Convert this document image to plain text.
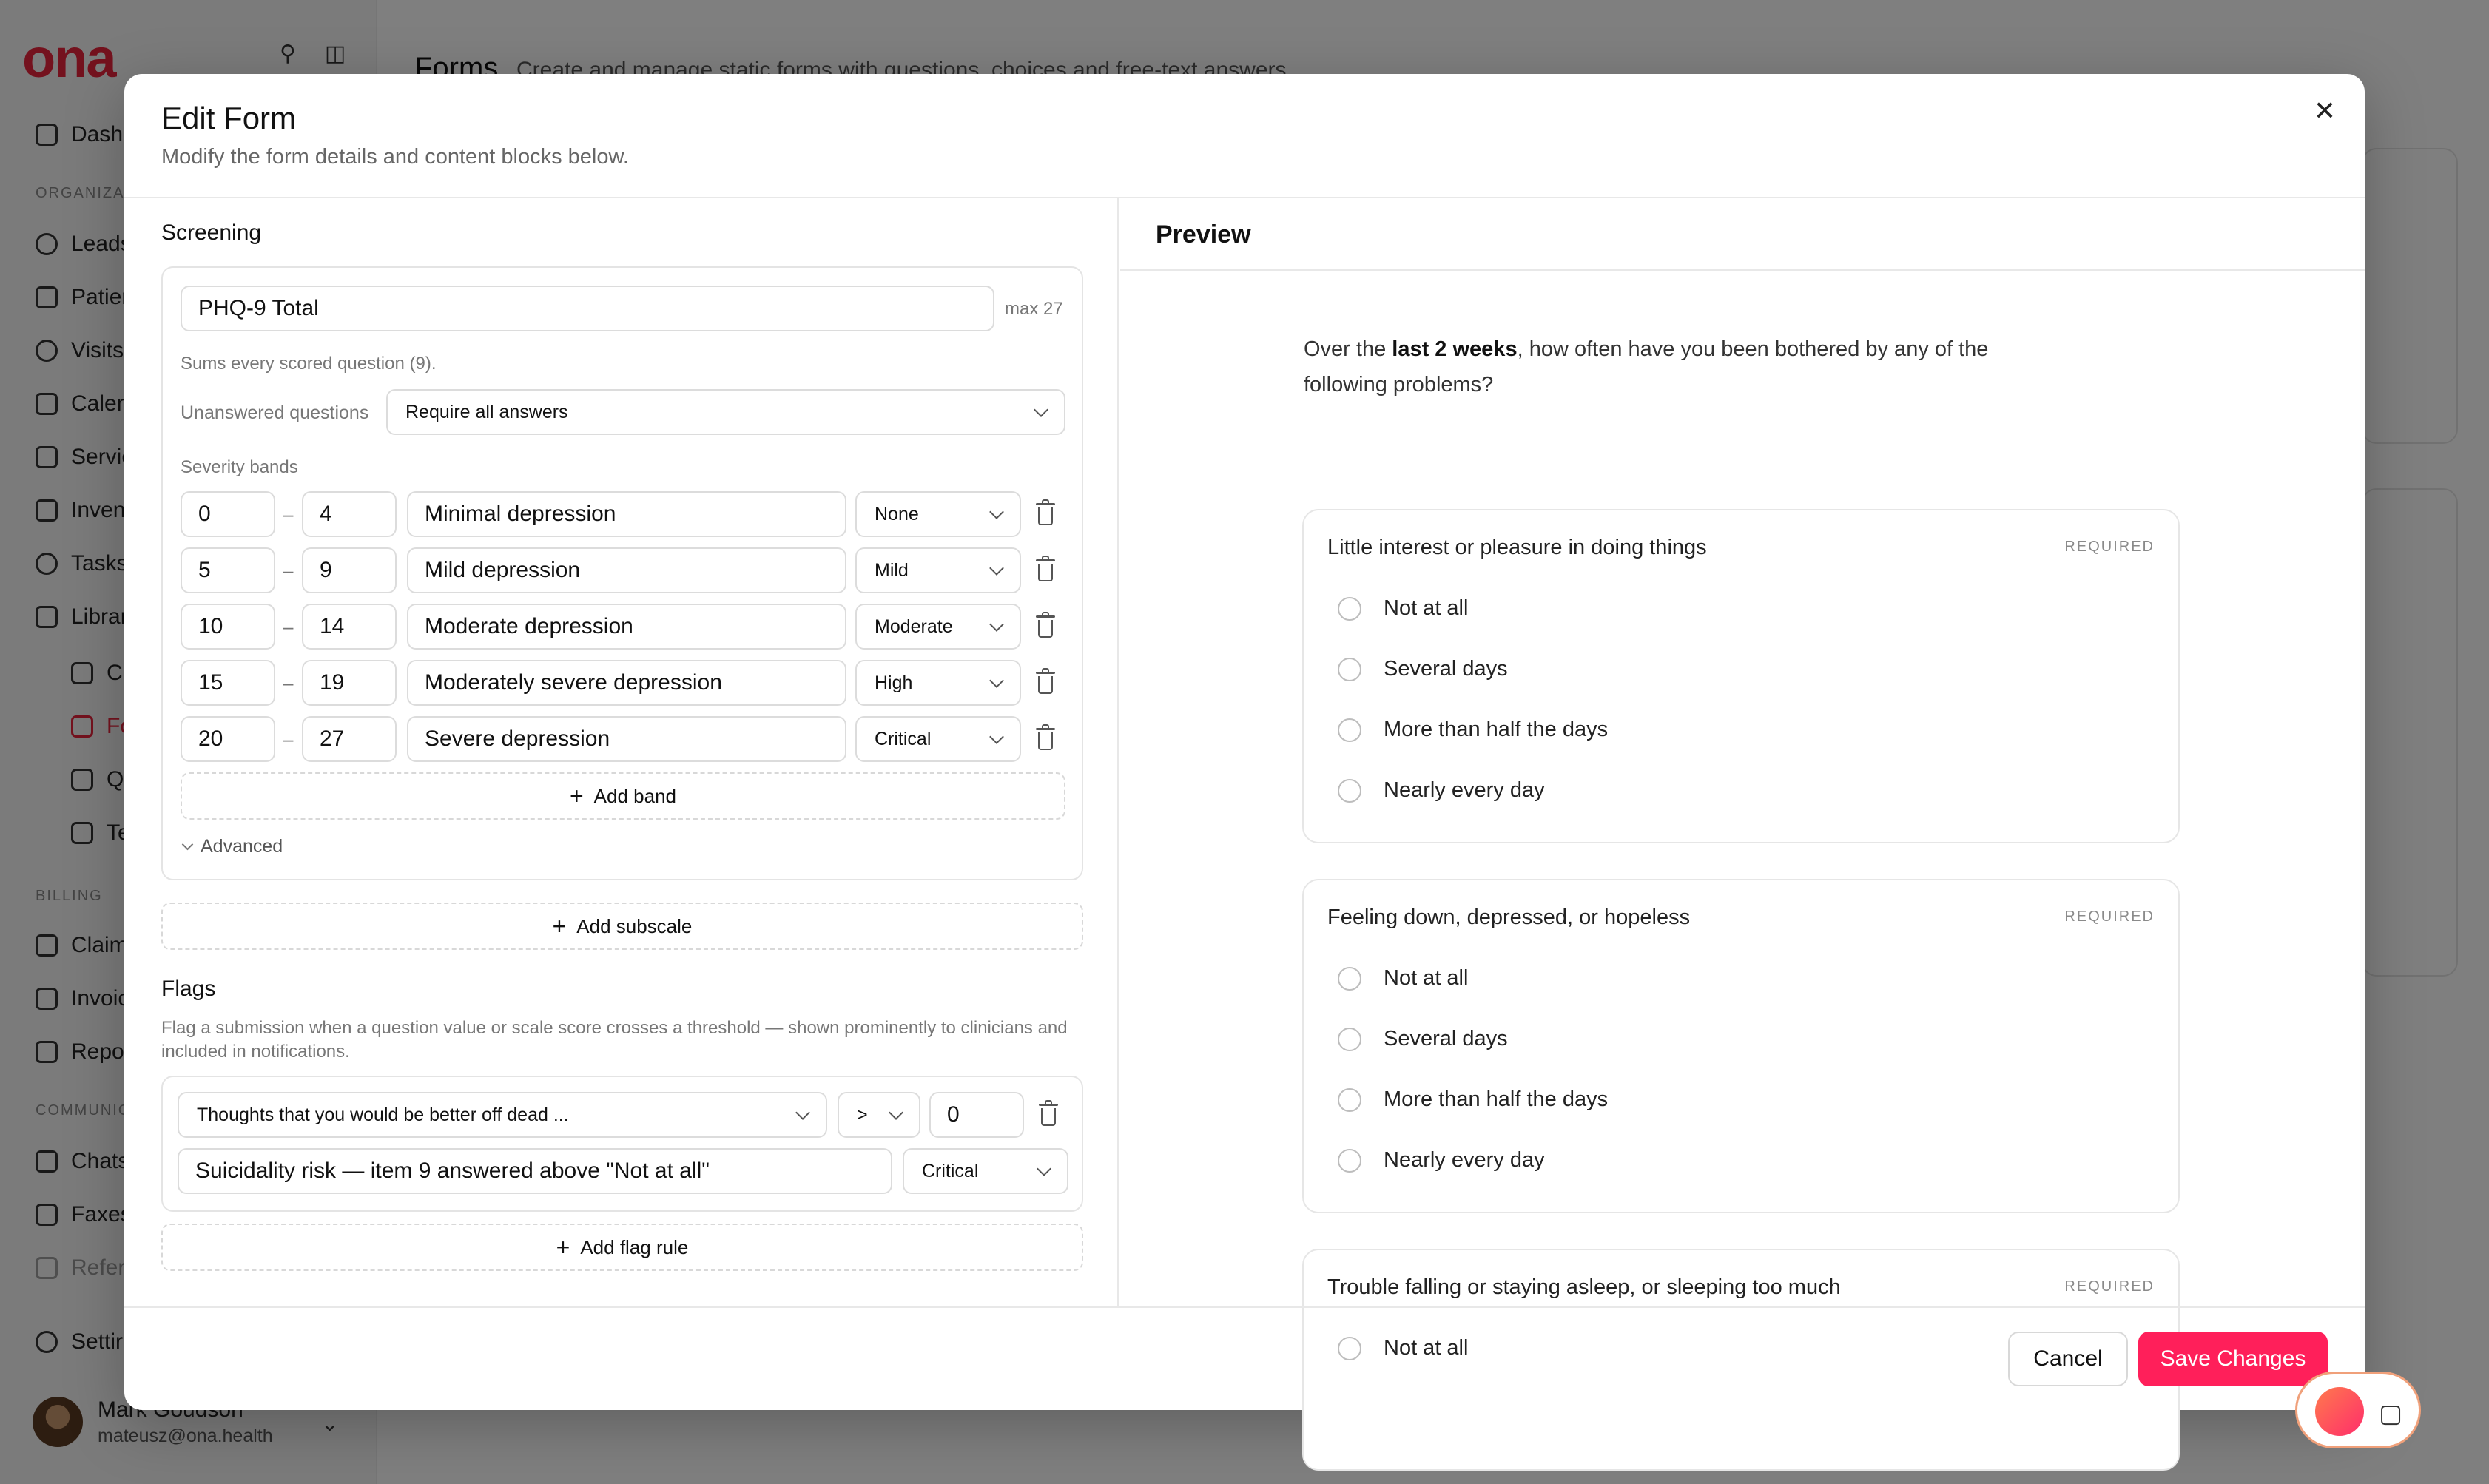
Edit Form

Modify the form details and content blocks below.

✕
Screening
PHQ-9 Total	max 27
Sums every scored question (9).
Unanswered questions Require all answers
Severity bands
0	–	4	Minimal depression	None
5	–	9	Mild depression	Mild
10	–	14	Moderate depression	Moderate
15	–	19	Moderately severe depression	High
20	–	27	Severe depression	Critical
+ Add band
Advanced
+ Add subscale
Flags
Flag a submission when a question value or scale score crosses a threshold — shown prominently to clinicians and included in notifications.
Thoughts that you would be better off dead ...	>	0
Suicidality risk — item 9 answered above "Not at all"	Critical
+ Add flag rule
Preview
Over the last 2 weeks, how often have you been bothered by any of the following problems?
Little interest or pleasure in doing things	REQUIRED
Not at all
Several days
More than half the days
Nearly every day
Feeling down, depressed, or hopeless	REQUIRED
Not at all
Several days
More than half the days
Nearly every day
Trouble falling or staying asleep, or sleeping too much	REQUIRED
Not at all	Cancel	Save Changes
▢
